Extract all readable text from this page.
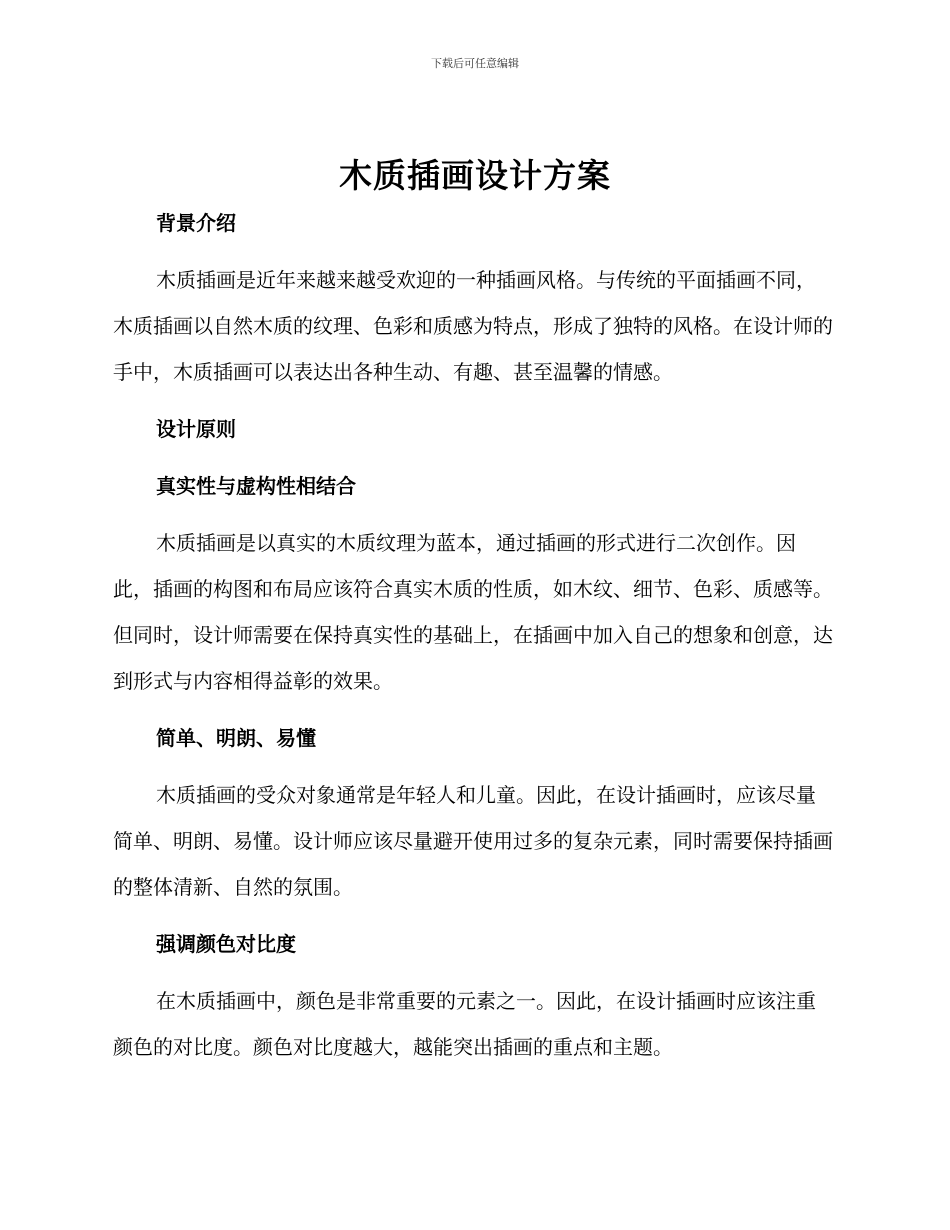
下载后可任意编辑
木质插画设计方案
背景介绍

木质插画是近年来越来越受欢迎的一种插画风格。与传统的平面插画不同，木质插画以自然木质的纹理、色彩和质感为特点，形成了独特的风格。在设计师的手中，木质插画可以表达出各种生动、有趣、甚至温馨的情感。

设计原则
真实性与虚构性相结合

木质插画是以真实的木质纹理为蓝本，通过插画的形式进行二次创作。因此，插画的构图和布局应该符合真实木质的性质，如木纹、细节、色彩、质感等。但同时，设计师需要在保持真实性的基础上，在插画中加入自己的想象和创意，达到形式与内容相得益彰的效果。

简单、明朗、易懂

木质插画的受众对象通常是年轻人和儿童。因此，在设计插画时，应该尽量简单、明朗、易懂。设计师应该尽量避开使用过多的复杂元素，同时需要保持插画的整体清新、自然的氛围。

强调颜色对比度

在木质插画中，颜色是非常重要的元素之一。因此，在设计插画时应该注重颜色的对比度。颜色对比度越大，越能突出插画的重点和主题。
